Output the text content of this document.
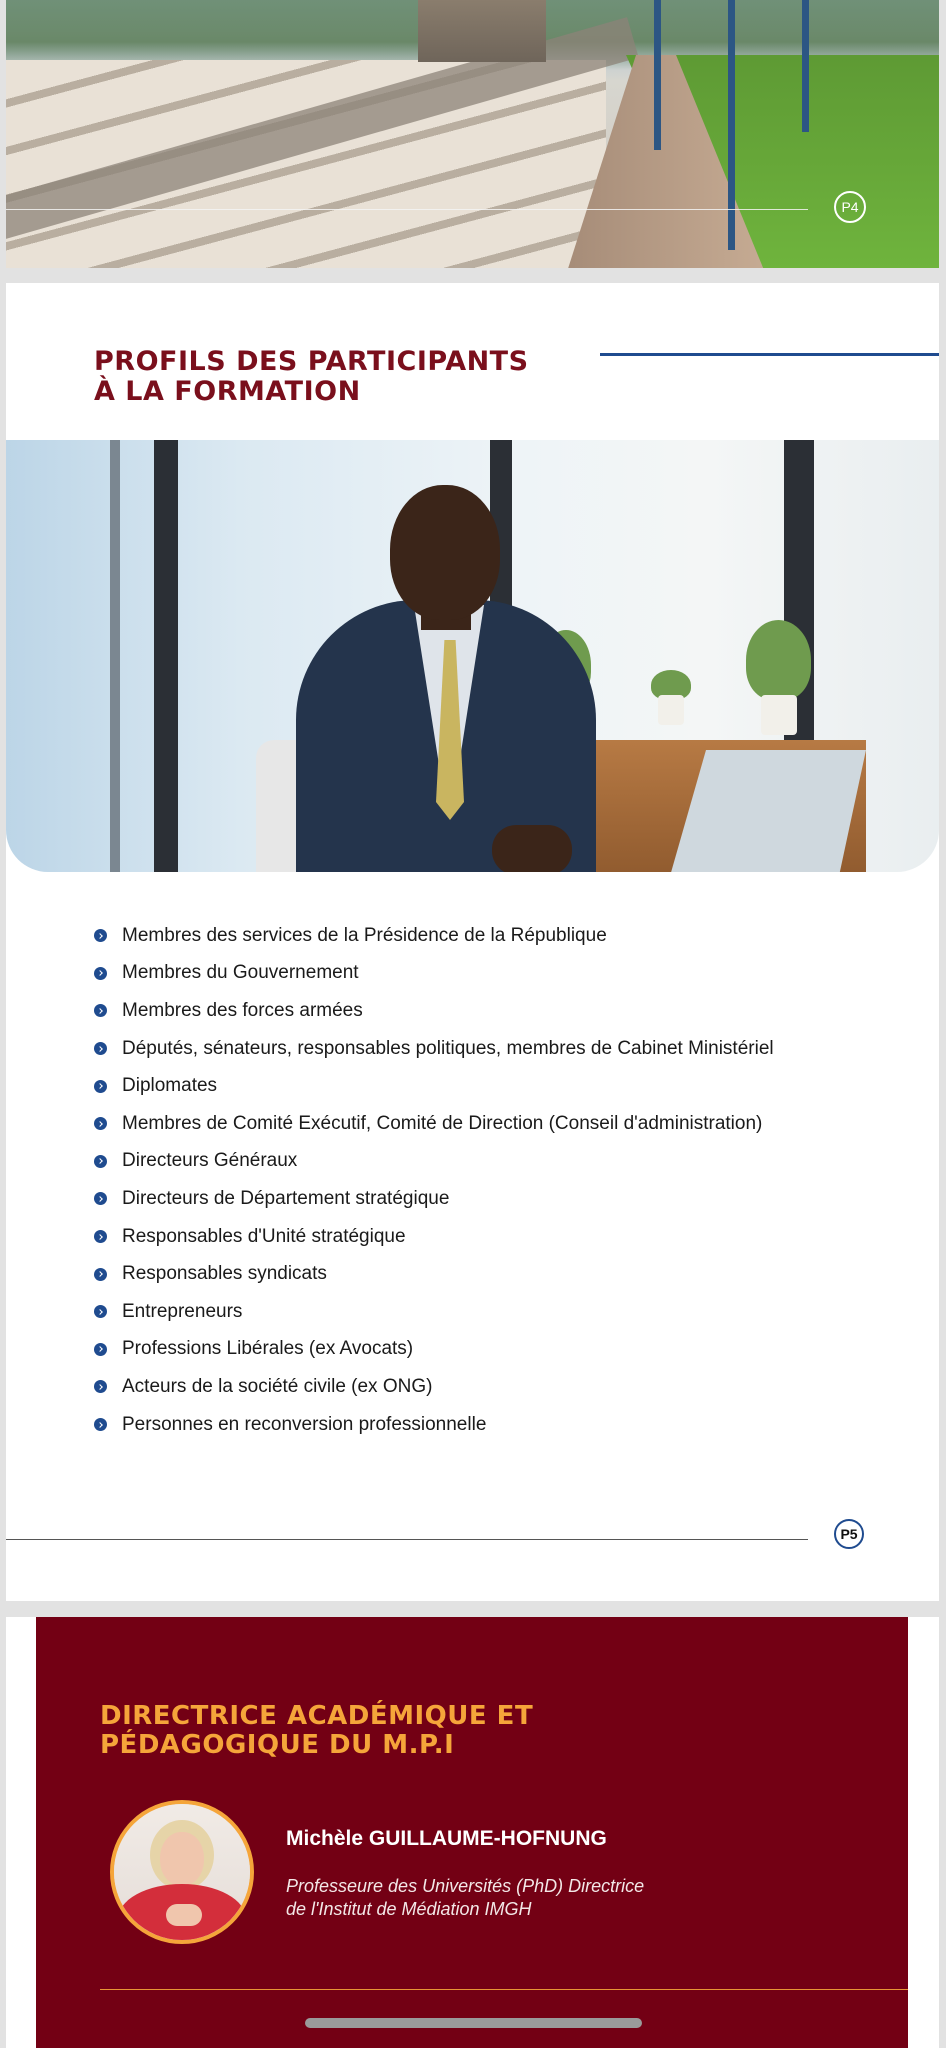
P4
PROFILS DES PARTICIPANTS
À LA FORMATION
Membres des services de la Présidence de la République
Membres du Gouvernement
Membres des forces armées
Députés, sénateurs, responsables politiques, membres de Cabinet Ministériel
Diplomates
Membres de Comité Exécutif, Comité de Direction (Conseil d'administration)
Directeurs Généraux
Directeurs de Département stratégique
Responsables d'Unité stratégique
Responsables syndicats
Entrepreneurs
Professions Libérales (ex Avocats)
Acteurs de la société civile (ex ONG)
Personnes en reconversion professionnelle
P5
DIRECTRICE ACADÉMIQUE ET
PÉDAGOGIQUE DU M.P.I
Michèle GUILLAUME-HOFNUNG
Professeure des Universités (PhD) Directrice
de l'Institut de Médiation IMGH
